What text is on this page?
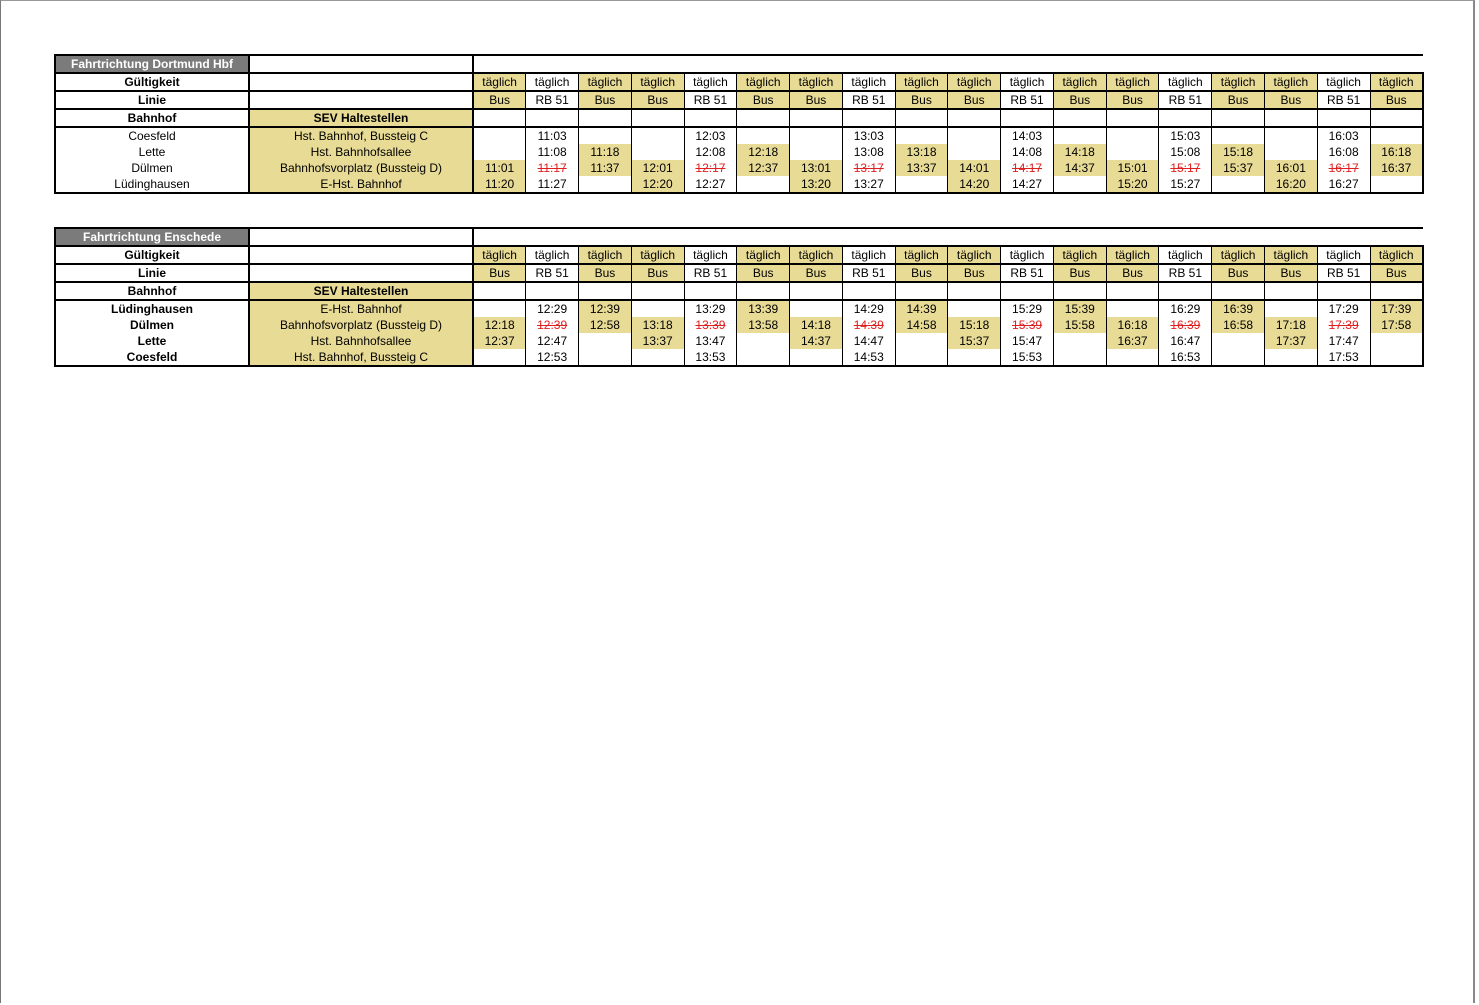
Fahrtrichtung Dortmund Hbf																			
Gültigkeit		täglich	täglich	täglich	täglich	täglich	täglich	täglich	täglich	täglich	täglich	täglich	täglich	täglich	täglich	täglich	täglich	täglich	täglich
Linie		Bus	RB 51	Bus	Bus	RB 51	Bus	Bus	RB 51	Bus	Bus	RB 51	Bus	Bus	RB 51	Bus	Bus	RB 51	Bus
Bahnhof	SEV Haltestellen																		
Coesfeld	Hst. Bahnhof, Bussteig C		11:03			12:03			13:03			14:03			15:03			16:03	
Lette	Hst. Bahnhofsallee		11:08	11:18		12:08	12:18		13:08	13:18		14:08	14:18		15:08	15:18		16:08	16:18
Dülmen	Bahnhofsvorplatz (Bussteig D)	11:01	11:17	11:37	12:01	12:17	12:37	13:01	13:17	13:37	14:01	14:17	14:37	15:01	15:17	15:37	16:01	16:17	16:37
Lüdinghausen	E-Hst. Bahnhof	11:20	11:27		12:20	12:27		13:20	13:27		14:20	14:27		15:20	15:27		16:20	16:27	
Fahrtrichtung Enschede																			
Gültigkeit		täglich	täglich	täglich	täglich	täglich	täglich	täglich	täglich	täglich	täglich	täglich	täglich	täglich	täglich	täglich	täglich	täglich	täglich
Linie		Bus	RB 51	Bus	Bus	RB 51	Bus	Bus	RB 51	Bus	Bus	RB 51	Bus	Bus	RB 51	Bus	Bus	RB 51	Bus
Bahnhof	SEV Haltestellen																		
Lüdinghausen	E-Hst. Bahnhof		12:29	12:39		13:29	13:39		14:29	14:39		15:29	15:39		16:29	16:39		17:29	17:39
Dülmen	Bahnhofsvorplatz (Bussteig D)	12:18	12:39	12:58	13:18	13:39	13:58	14:18	14:39	14:58	15:18	15:39	15:58	16:18	16:39	16:58	17:18	17:39	17:58
Lette	Hst. Bahnhofsallee	12:37	12:47		13:37	13:47		14:37	14:47		15:37	15:47		16:37	16:47		17:37	17:47	
Coesfeld	Hst. Bahnhof, Bussteig C		12:53			13:53			14:53			15:53			16:53			17:53	
